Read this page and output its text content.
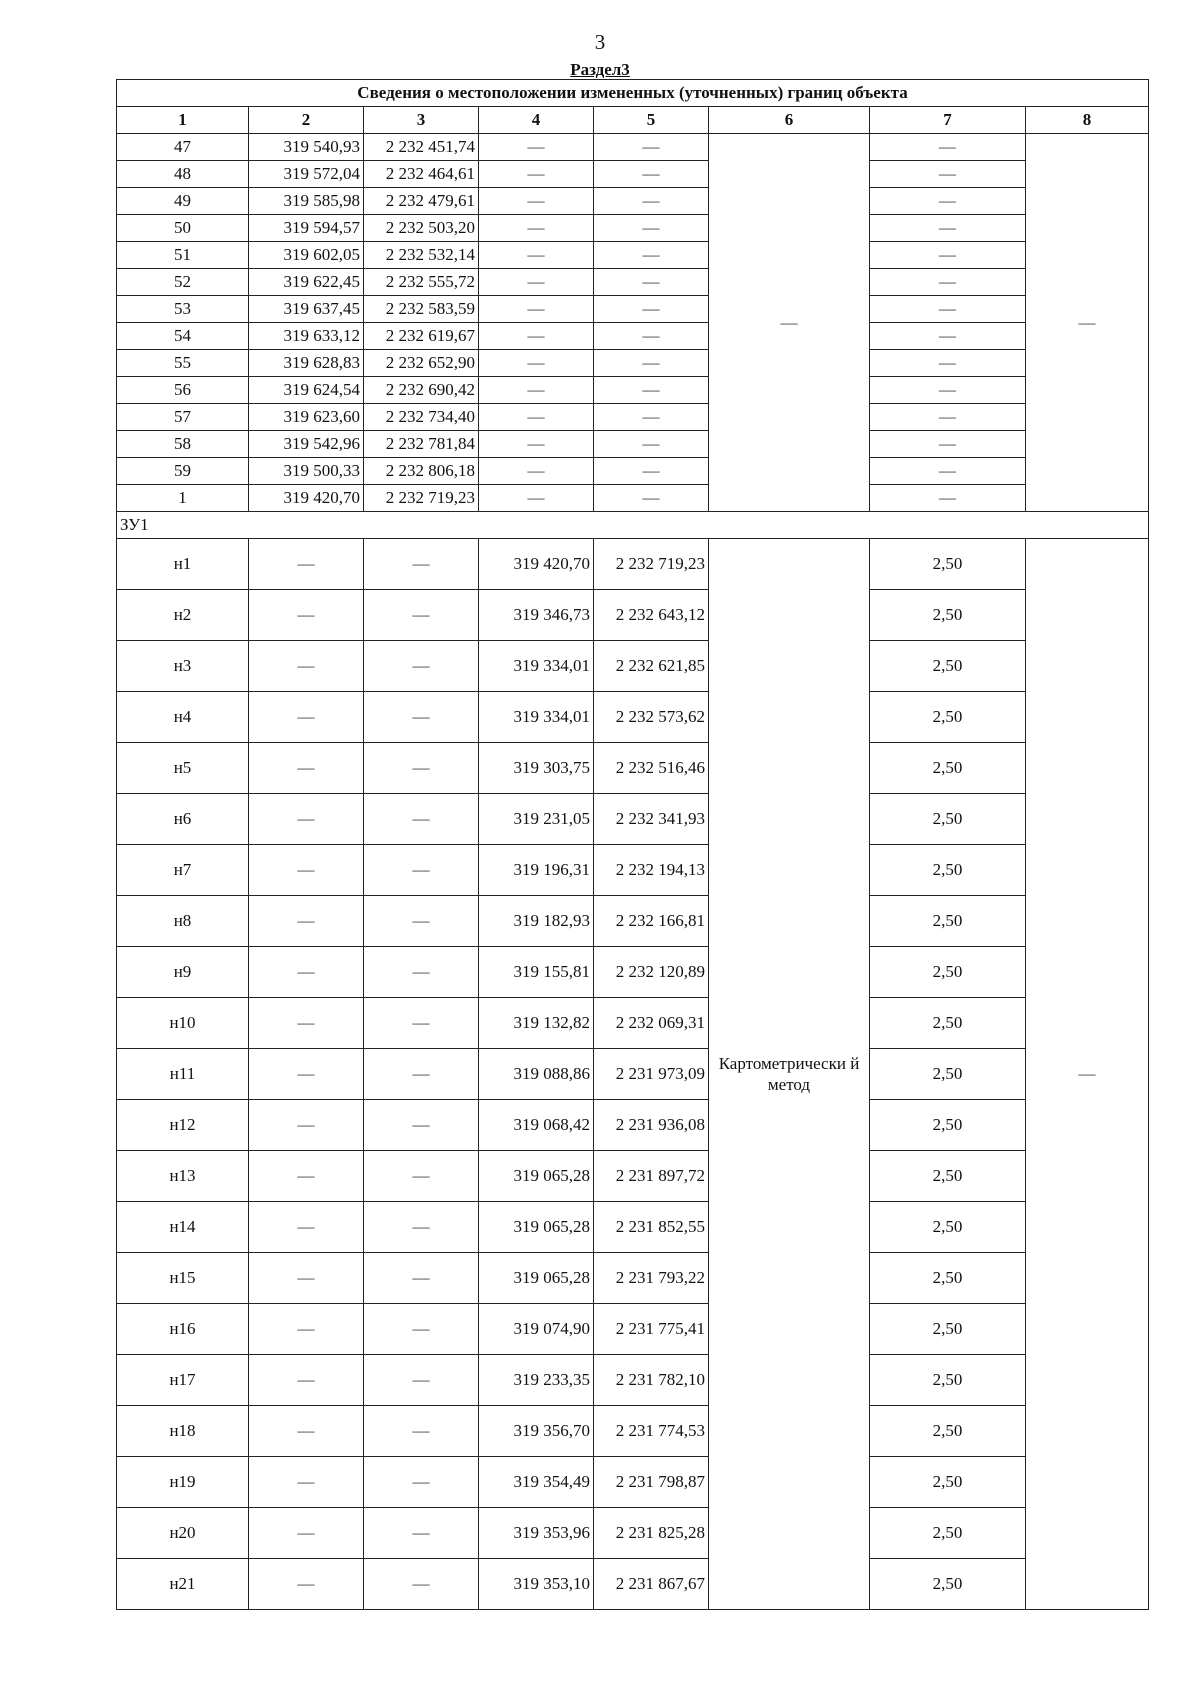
3
Раздел3
Сведения о местоположении измененных (уточненных) границ объекта							
1	2	3	4	5	6	7	8
47	319 540,93	2 232 451,74	—	—	—	—	—
48	319 572,04	2 232 464,61	—	—		—	
49	319 585,98	2 232 479,61	—	—		—	
50	319 594,57	2 232 503,20	—	—		—	
51	319 602,05	2 232 532,14	—	—		—	
52	319 622,45	2 232 555,72	—	—		—	
53	319 637,45	2 232 583,59	—	—		—	
54	319 633,12	2 232 619,67	—	—		—	
55	319 628,83	2 232 652,90	—	—		—	
56	319 624,54	2 232 690,42	—	—		—	
57	319 623,60	2 232 734,40	—	—		—	
58	319 542,96	2 232 781,84	—	—		—	
59	319 500,33	2 232 806,18	—	—		—	
1	319 420,70	2 232 719,23	—	—		—	
ЗУ1							
н1	—	—	319 420,70	2 232 719,23	Картометрически й метод	2,50	—
н2	—	—	319 346,73	2 232 643,12		2,50	
н3	—	—	319 334,01	2 232 621,85		2,50	
н4	—	—	319 334,01	2 232 573,62		2,50	
н5	—	—	319 303,75	2 232 516,46		2,50	
н6	—	—	319 231,05	2 232 341,93		2,50	
н7	—	—	319 196,31	2 232 194,13		2,50	
н8	—	—	319 182,93	2 232 166,81		2,50	
н9	—	—	319 155,81	2 232 120,89		2,50	
н10	—	—	319 132,82	2 232 069,31		2,50	
н11	—	—	319 088,86	2 231 973,09		2,50	
н12	—	—	319 068,42	2 231 936,08		2,50	
н13	—	—	319 065,28	2 231 897,72		2,50	
н14	—	—	319 065,28	2 231 852,55		2,50	
н15	—	—	319 065,28	2 231 793,22		2,50	
н16	—	—	319 074,90	2 231 775,41		2,50	
н17	—	—	319 233,35	2 231 782,10		2,50	
н18	—	—	319 356,70	2 231 774,53		2,50	
н19	—	—	319 354,49	2 231 798,87		2,50	
н20	—	—	319 353,96	2 231 825,28		2,50	
н21	—	—	319 353,10	2 231 867,67		2,50	
